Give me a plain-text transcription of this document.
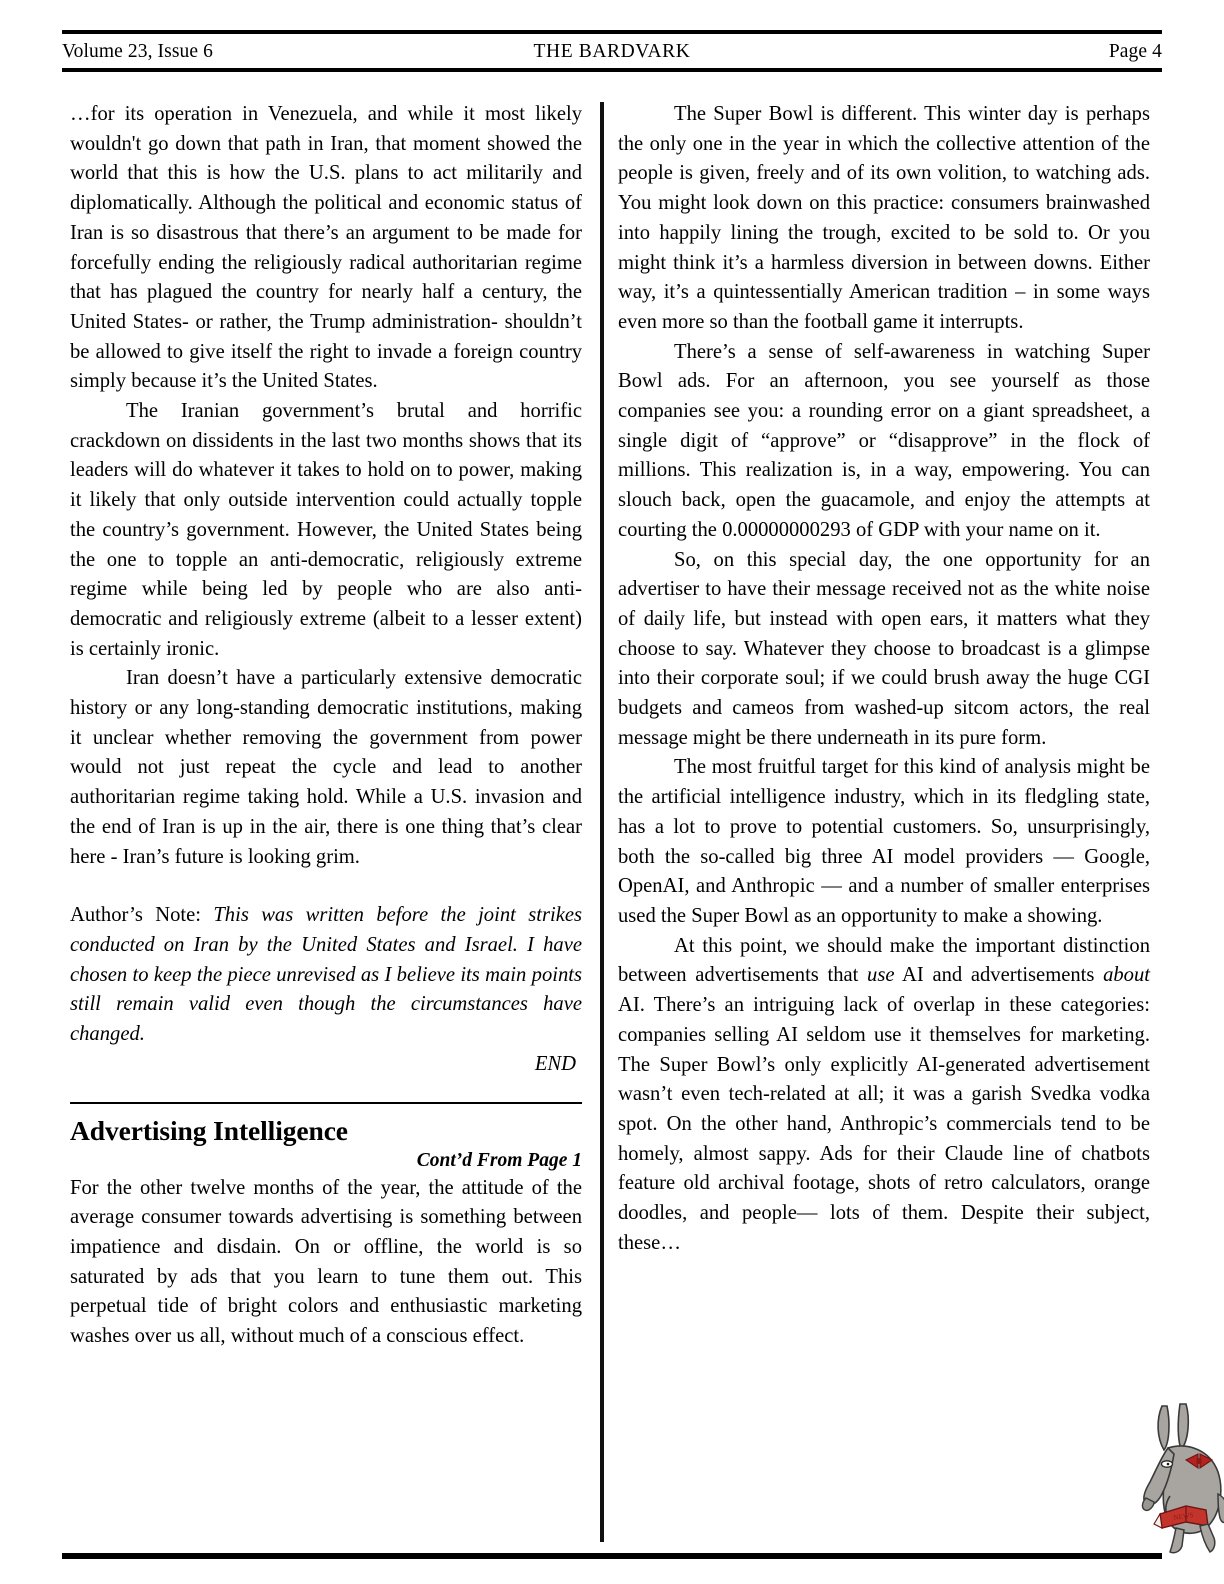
Volume 23, Issue 6	THE BARDVARK	Page 4

…for its operation in Venezuela, and while it most likely wouldn't go down that path in Iran, that moment showed the world that this is how the U.S. plans to act militarily and diplomatically. Although the political and economic status of Iran is so disastrous that there’s an argument to be made for forcefully ending the religiously radical authoritarian regime that has plagued the country for nearly half a century, the United States- or rather, the Trump administration- shouldn’t be allowed to give itself the right to invade a foreign country simply because it’s the United States.

The Iranian government’s brutal and horrific crackdown on dissidents in the last two months shows that its leaders will do whatever it takes to hold on to power, making it likely that only outside intervention could actually topple the country’s government. However, the United States being the one to topple an anti-democratic, religiously extreme regime while being led by people who are also anti-democratic and religiously extreme (albeit to a lesser extent) is certainly ironic.

Iran doesn’t have a particularly extensive democratic history or any long-standing democratic institutions, making it unclear whether removing the government from power would not just repeat the cycle and lead to another authoritarian regime taking hold. While a U.S. invasion and the end of Iran is up in the air, there is one thing that’s clear here - Iran’s future is looking grim.

Author’s Note: This was written before the joint strikes conducted on Iran by the United States and Israel. I have chosen to keep the piece unrevised as I believe its main points still remain valid even though the circumstances have changed.

END

Advertising Intelligence

Cont’d From Page 1

For the other twelve months of the year, the attitude of the average consumer towards advertising is something between impatience and disdain. On or offline, the world is so saturated by ads that you learn to tune them out. This perpetual tide of bright colors and enthusiastic marketing washes over us all, without much of a conscious effect.

The Super Bowl is different. This winter day is perhaps the only one in the year in which the collective attention of the people is given, freely and of its own volition, to watching ads. You might look down on this practice: consumers brainwashed into happily lining the trough, excited to be sold to. Or you might think it’s a harmless diversion in between downs. Either way, it’s a quintessentially American tradition – in some ways even more so than the football game it interrupts.

There’s a sense of self-awareness in watching Super Bowl ads. For an afternoon, you see yourself as those companies see you: a rounding error on a giant spreadsheet, a single digit of “approve” or “disapprove” in the flock of millions. This realization is, in a way, empowering. You can slouch back, open the guacamole, and enjoy the attempts at courting the 0.00000000293 of GDP with your name on it.

So, on this special day, the one opportunity for an advertiser to have their message received not as the white noise of daily life, but instead with open ears, it matters what they choose to say. Whatever they choose to broadcast is a glimpse into their corporate soul; if we could brush away the huge CGI budgets and cameos from washed-up sitcom actors, the real message might be there underneath in its pure form.

The most fruitful target for this kind of analysis might be the artificial intelligence industry, which in its fledgling state, has a lot to prove to potential customers. So, unsurprisingly, both the so-called big three AI model providers — Google, OpenAI, and Anthropic — and a number of smaller enterprises used the Super Bowl as an opportunity to make a showing.

At this point, we should make the important distinction between advertisements that use AI and advertisements about AI. There’s an intriguing lack of overlap in these categories: companies selling AI seldom use it themselves for marketing. The Super Bowl’s only explicitly AI-generated advertisement wasn’t even tech-related at all; it was a garish Svedka vodka spot. On the other hand, Anthropic’s commercials tend to be homely, almost sappy. Ads for their Claude line of chatbots feature old archival footage, shots of retro calculators, orange doodles, and people— lots of them. Despite their subject, these…

NEWS
